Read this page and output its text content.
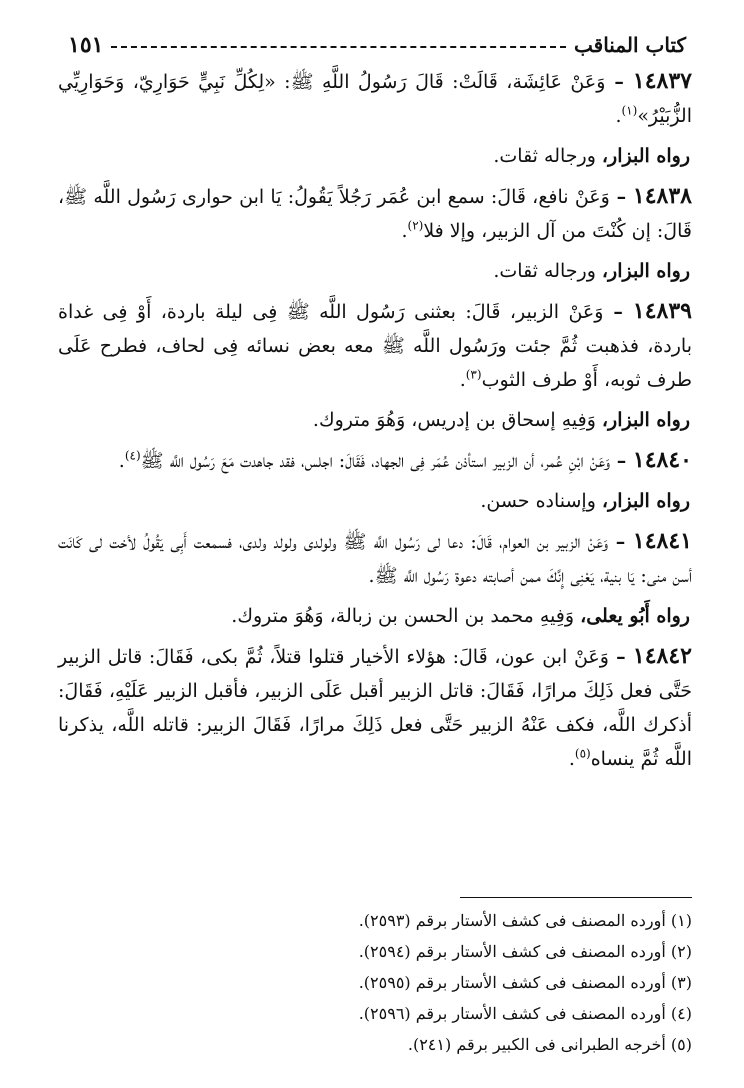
كتاب المناقب
١٥١

١٤٨٣٧ – وَعَنْ عَائِشَة، قَالَتْ: قَالَ رَسُولُ اللَّهِ ﷺ: «لِكُلِّ نَبِيٍّ حَوَارِيّ، وَحَوَارِيِّي الزُّبَيْرُ»$^{(١)}$.

رواه البزار، ورجاله ثقات.

١٤٨٣٨ – وَعَنْ نافع، قَالَ: سمع ابن عُمَر رَجُلاً يَقُولُ: يَا ابن حوارى رَسُول اللَّه ﷺ، قَالَ: إن كُنْتَ من آل الزبير، وإلا فلا$^{(٢)}$.

رواه البزار، ورجاله ثقات.

١٤٨٣٩ – وَعَنْ الزبير، قَالَ: بعثنى رَسُول اللَّه ﷺ فِى ليلة باردة، أَوْ فِى غداة باردة، فذهبت ثُمَّ جئت ورَسُول اللَّه ﷺ معه بعض نسائه فِى لحاف، فطرح عَلَى طرف ثوبه، أَوْ طرف الثوب$^{(٣)}$.

رواه البزار، وَفِيهِ إسحاق بن إدريس، وَهُوَ متروك.

١٤٨٤٠ – وَعَنْ ابْنِ عُمر، أن الزبير استأذن عُمَر فِى الجهاد، فَقَالَ: اجلس، فقد جاهدت مَعَ رَسُول اللَّه ﷺ$^{(٤)}$.

رواه البزار، وإسناده حسن.

١٤٨٤١ – وَعَنْ الزبير بن العوام، قَالَ: دعا لى رَسُول اللَّه ﷺ ولولدى ولولد ولدى، فسمعت أَبِى يَقُولُ لأخت لى كَانَت أسن منى: يَا بنية، يَعْنِى إِنَّكَ ممن أصابته دعوة رَسُول اللَّه ﷺ.

رواه أَبُو يعلى، وَفِيهِ محمد بن الحسن بن زبالة، وَهُوَ متروك.

١٤٨٤٢ – وَعَنْ ابن عون، قَالَ: هؤلاء الأخيار قتلوا قتلاً، ثُمَّ بكى، فَقَالَ: قاتل الزبير حَتَّى فعل ذَلِكَ مرارًا، فَقَالَ: قاتل الزبير أقبل عَلَى الزبير، فأقبل الزبير عَلَيْهِ، فَقَالَ: أذكرك اللَّه، فكف عَنْهُ الزبير حَتَّى فعل ذَلِكَ مرارًا، فَقَالَ الزبير: قاتله اللَّه، يذكرنا اللَّه ثُمَّ ينساه$^{(٥)}$.

(١) أورده المصنف فى كشف الأستار برقم (٢٥٩٣).
(٢) أورده المصنف فى كشف الأستار برقم (٢٥٩٤).
(٣) أورده المصنف فى كشف الأستار برقم (٢٥٩٥).
(٤) أورده المصنف فى كشف الأستار برقم (٢٥٩٦).
(٥) أخرجه الطبرانى فى الكبير برقم (٢٤١).
